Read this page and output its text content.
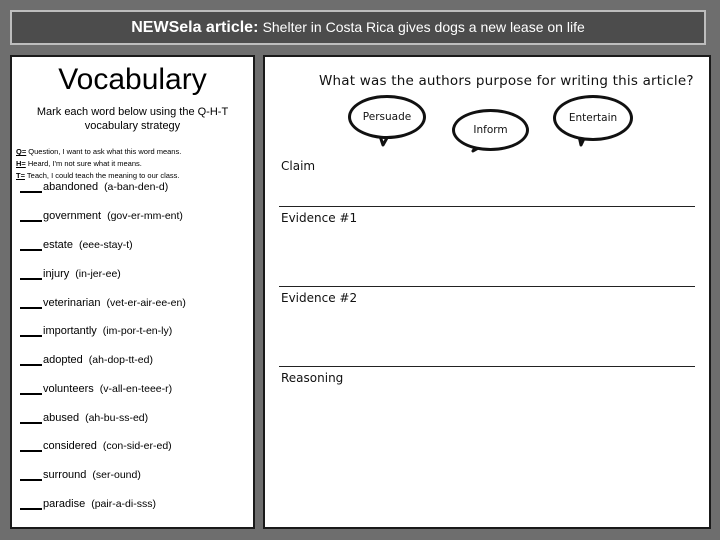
NEWSela article: Shelter in Costa Rica gives dogs a new lease on life
Vocabulary
Mark each word below using the Q-H-T vocabulary strategy
Q= Question, I want to ask what this word means.
H= Heard, I'm not sure what it means.
T= Teach, I could teach the meaning to our class.
abandoned (a-ban-den-d)
government (gov-er-mm-ent)
estate (eee-stay-t)
injury (in-jer-ee)
veterinarian (vet-er-air-ee-en)
importantly (im-por-t-en-ly)
adopted (ah-dop-tt-ed)
volunteers (v-all-en-teee-r)
abused (ah-bu-ss-ed)
considered (con-sid-er-ed)
surround (ser-ound)
paradise (pair-a-di-sss)
What was the authors purpose for writing this article?
Persuade
Inform
Entertain
Claim
Evidence #1
Evidence #2
Reasoning
